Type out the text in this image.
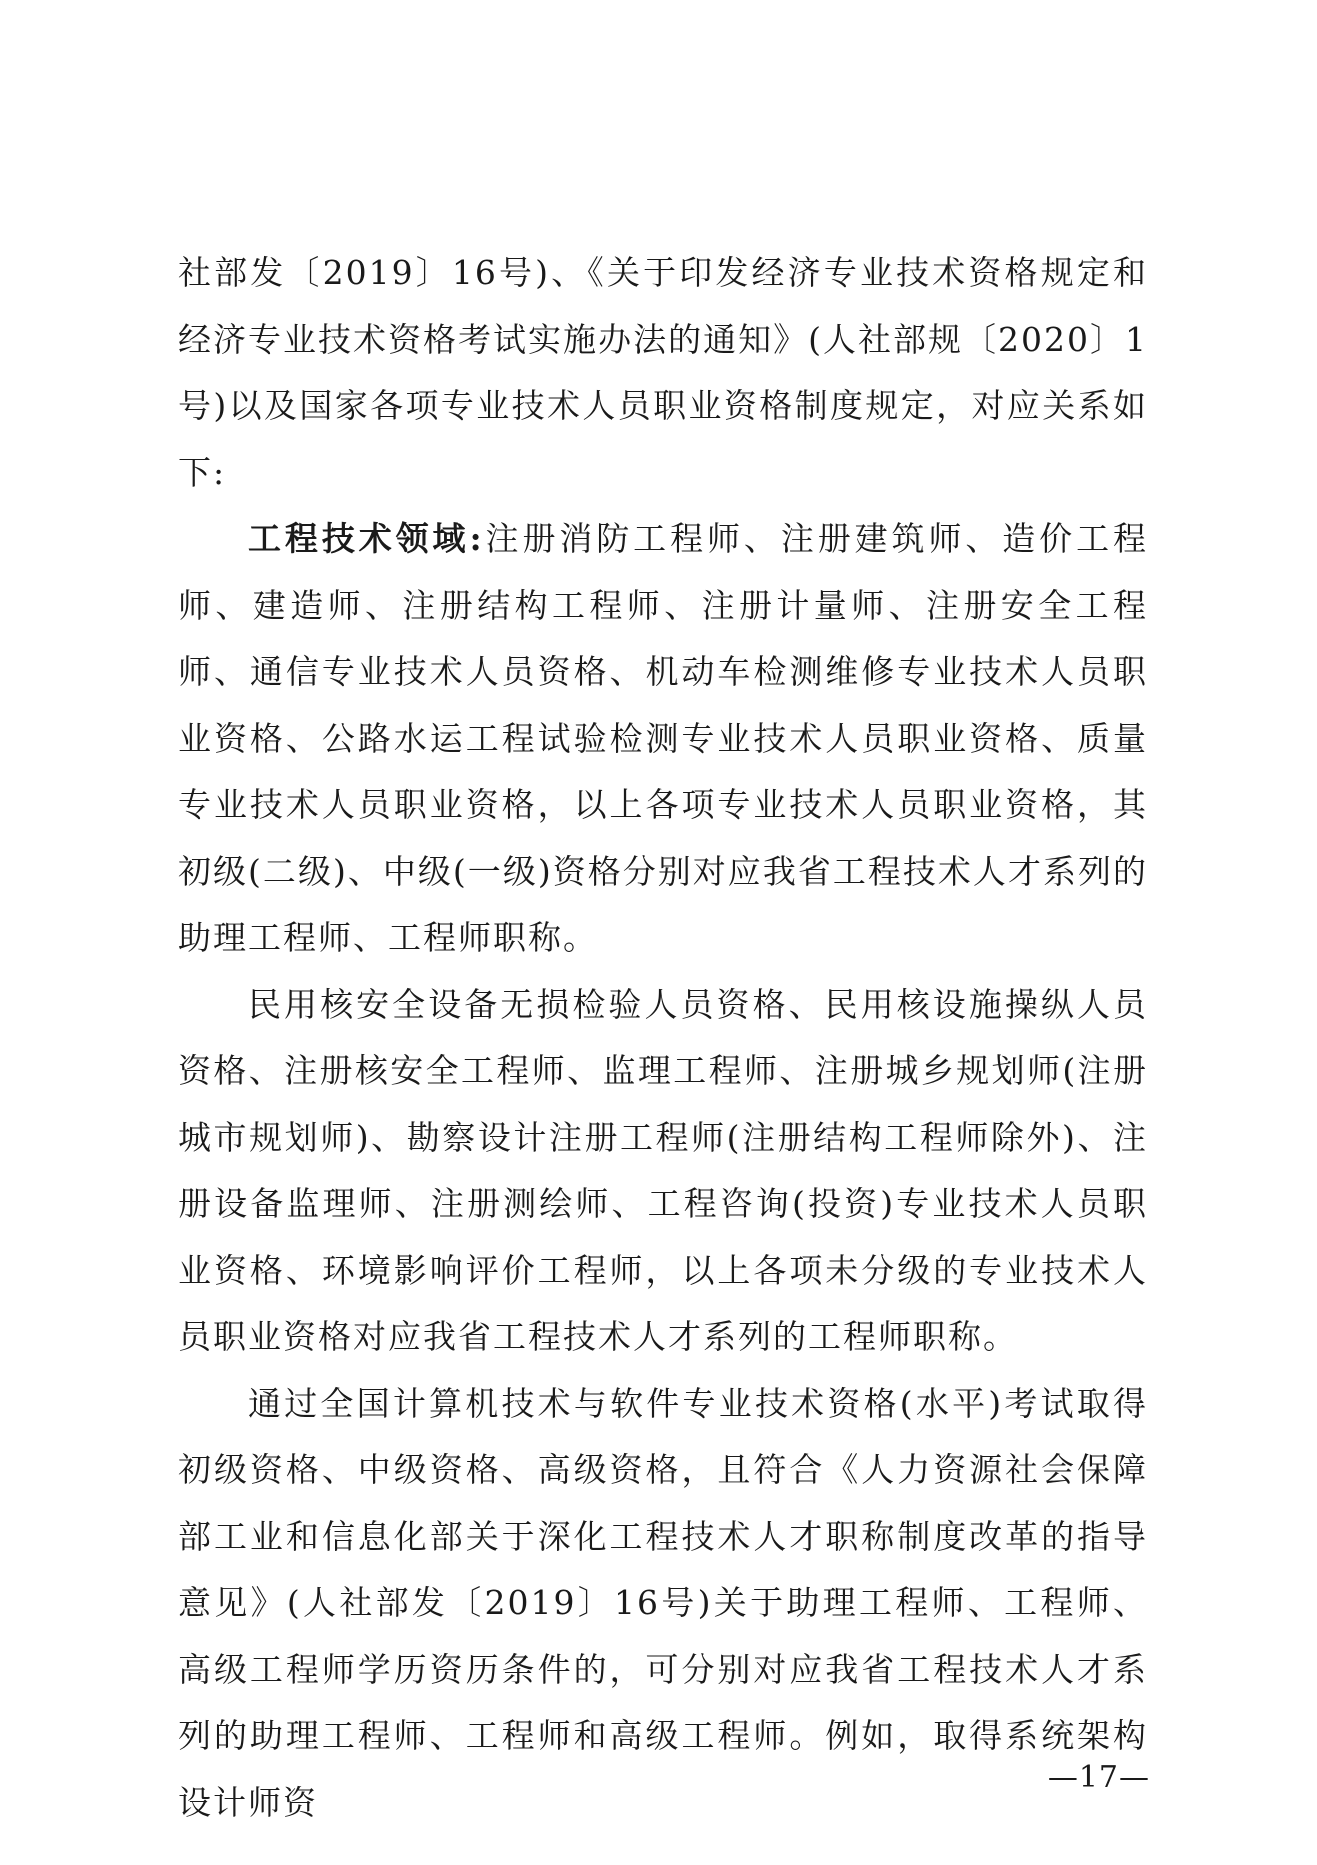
社部发〔2019〕16号)、《关于印发经济专业技术资格规定和经济专业技术资格考试实施办法的通知》(人社部规〔2020〕1号)以及国家各项专业技术人员职业资格制度规定，对应关系如下:

工程技术领域:注册消防工程师、注册建筑师、造价工程师、建造师、注册结构工程师、注册计量师、注册安全工程师、通信专业技术人员资格、机动车检测维修专业技术人员职业资格、公路水运工程试验检测专业技术人员职业资格、质量专业技术人员职业资格，以上各项专业技术人员职业资格，其初级(二级)、中级(一级)资格分别对应我省工程技术人才系列的助理工程师、工程师职称。

民用核安全设备无损检验人员资格、民用核设施操纵人员资格、注册核安全工程师、监理工程师、注册城乡规划师(注册城市规划师)、勘察设计注册工程师(注册结构工程师除外)、注册设备监理师、注册测绘师、工程咨询(投资)专业技术人员职业资格、环境影响评价工程师，以上各项未分级的专业技术人员职业资格对应我省工程技术人才系列的工程师职称。

通过全国计算机技术与软件专业技术资格(水平)考试取得初级资格、中级资格、高级资格，且符合《人力资源社会保障部工业和信息化部关于深化工程技术人才职称制度改革的指导意见》(人社部发〔2019〕16号)关于助理工程师、工程师、高级工程师学历资历条件的，可分别对应我省工程技术人才系列的助理工程师、工程师和高级工程师。例如，取得系统架构设计师资

—17—
